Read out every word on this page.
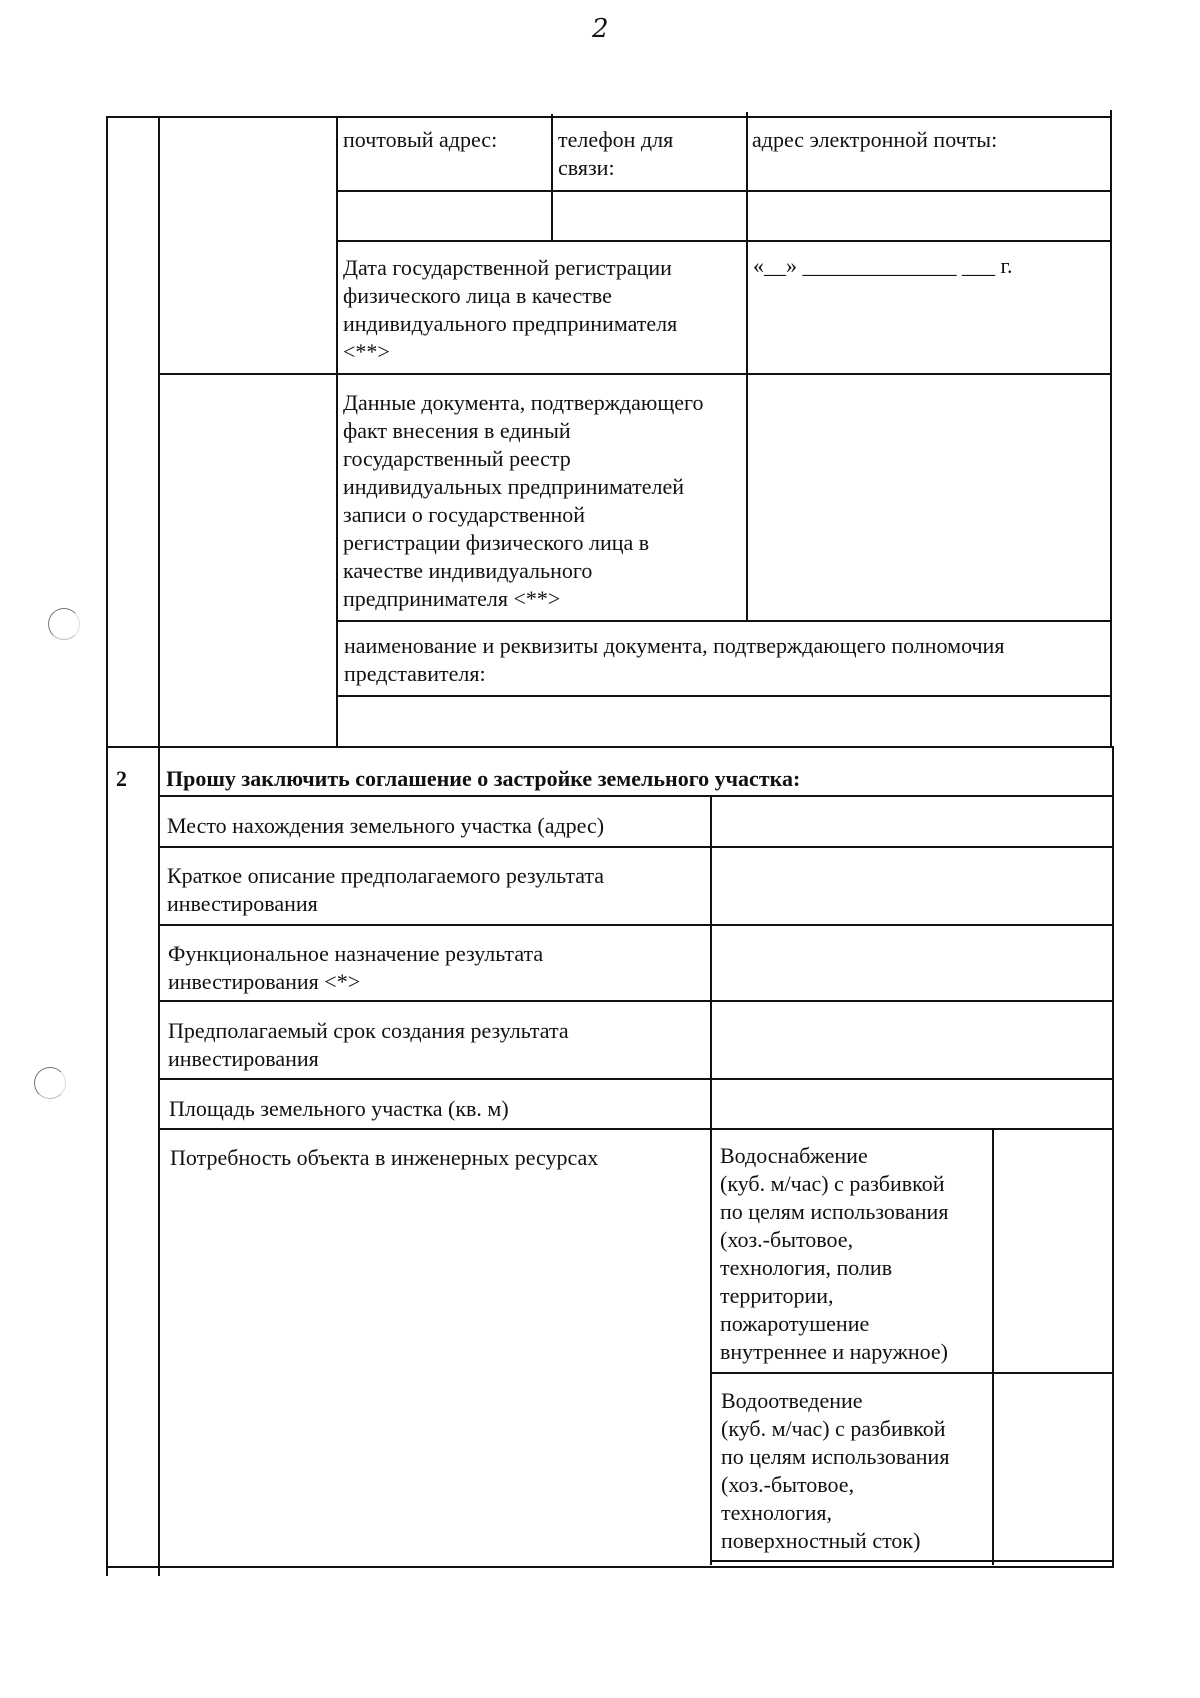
2
почтовый адрес:	телефон для
связи:
адрес электронной почты:
Дата государственной регистрации
физического лица в качестве
индивидуального предпринимателя
<**>
«__» ______________ ___ г.
Данные документа, подтверждающего
факт внесения в единый
государственный реестр
индивидуальных предпринимателей
записи о государственной
регистрации физического лица в
качестве индивидуального
предпринимателя <**>
наименование и реквизиты документа, подтверждающего полномочия
представителя:
2 Прошу заключить соглашение о застройке земельного участка:
Место нахождения земельного участка (адрес)
Краткое описание предполагаемого результата
инвестирования
Функциональное назначение результата
инвестирования <*>
Предполагаемый срок создания результата
инвестирования
Площадь земельного участка (кв. м)
Потребность объекта в инженерных ресурсах	Водоснабжение
(куб. м/час) с разбивкой
по целям использования
(хоз.-бытовое,
технология, полив
территории,
пожаротушение
внутреннее и наружное)
Водоотведение
(куб. м/час) с разбивкой
по целям использования
(хоз.-бытовое,
технология,
поверхностный сток)
